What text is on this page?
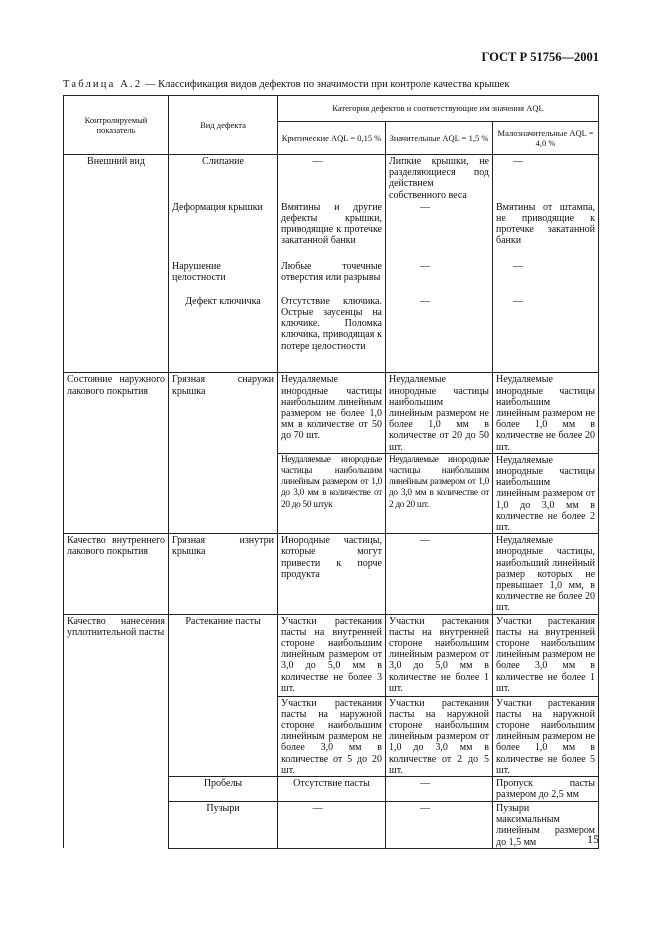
ГОСТ Р 51756—2001
Таблица А.2 — Классификация видов дефектов по значимости при контроле качества крышек
Контролируемый показатель	Вид дефекта	Категория дефектов и соответствующие им значения AQL		
		Критические AQL = 0,15 %	Значительные AQL = 1,5 %	Малозначительные AQL = 4,0 %
Внешний вид	Слипание	—	Липкие крышки, не разделяющиеся под действием собственного веса	—
	Деформация крышки	Вмятины и другие дефекты крышки, приводящие к протечке закатанной банки	—	Вмятины от штампа, не приводящие к протечке закатанной банки
	Нарушение целостности	Любые точечные отверстия или разрывы	—	—
	Дефект ключичка	Отсутствие ключика. Острые заусенцы на ключике. Поломка ключика, приводящая к потере целостности	—	—
Состояние наружного лакового покрытия	Грязная снаружи крышка	Неудаляемые инородные частицы наибольшим линейным размером не более 1,0 мм в количестве от 50 до 70 шт.	Неудаляемые инородные частицы наибольшим линейным размером не более 1,0 мм в количестве от 20 до 50 шт.	Неудаляемые инородные частицы наибольшим линейным размером не более 1,0 мм в количестве не более 20 шт.
		Неудаляемые инородные частицы наибольшим линейным размером от 1,0 до 3,0 мм в количестве от 20 до 50 штук	Неудаляемые инородные частицы наибольшим линейным размером от 1,0 до 3,0 мм в количестве от 2 до 20 шт.	Неудаляемые инородные частицы наибольшим линейным размером от 1,0 до 3,0 мм в количестве не более 2 шт.
Качество внутреннего лакового покрытия	Грязная изнутри крышка	Инородные частицы, которые могут привести к порче продукта	—	Неудаляемые инородные частицы, наибольший линейный размер которых не превышает 1,0 мм, в количестве не более 20 шт.
Качество нанесения уплотнительной пасты	Растекание пасты	Участки растекания пасты на внутренней стороне наибольшим линейным размером от 3,0 до 5,0 мм в количестве не более 3 шт.	Участки растекания пасты на внутренней стороне наибольшим линейным размером от 3,0 до 5,0 мм в количестве не более 1 шт.	Участки растекания пасты на внутренней стороне наибольшим линейным размером не более 3,0 мм в количестве не более 1 шт.
		Участки растекания пасты на наружной стороне наибольшим линейным размером не более 3,0 мм в количестве от 5 до 20 шт.	Участки растекания пасты на наружной стороне наибольшим линейным размером от 1,0 до 3,0 мм в количестве от 2 до 5 шт.	Участки растекания пасты на наружной стороне наибольшим линейным размером не более 1,0 мм в количестве не более 5 шт.
	Пробелы	Отсутствие пасты	—	Пропуск пасты размером до 2,5 мм
	Пузыри	—	—	Пузыри максимальным линейным размером до 1,5 мм	15
